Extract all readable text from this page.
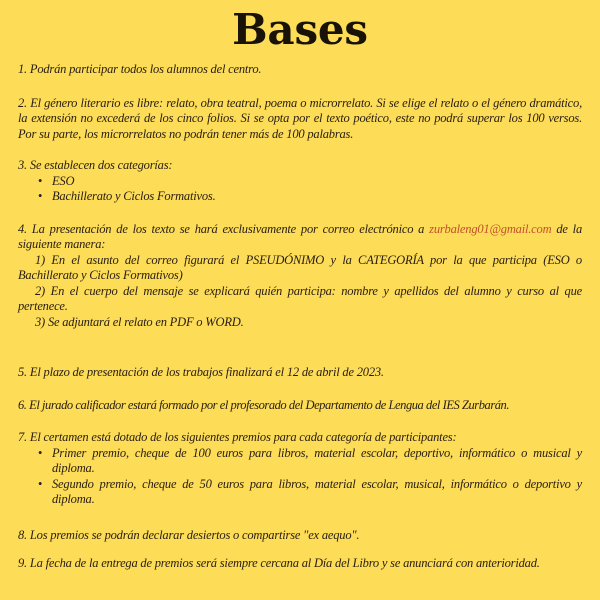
Bases

1. Podrán participar todos los alumnos del centro.

2. El género literario es libre: relato, obra teatral, poema o microrrelato. Si se elige el relato o el género dramático, la extensión no excederá de los cinco folios. Si se opta por el texto poético, este no podrá superar los 100 versos. Por su parte, los microrrelatos no podrán tener más de 100 palabras.

3. Se establecen dos categorías:

• ESO
• Bachillerato y Ciclos Formativos.

4. La presentación de los texto se hará exclusivamente por correo electrónico a zurbaleng01@gmail.com de la siguiente manera:

1) En el asunto del correo figurará el PSEUDÓNIMO y la CATEGORÍA por la que participa (ESO o Bachillerato y Ciclos Formativos)

2) En el cuerpo del mensaje se explicará quién participa: nombre y apellidos del alumno y curso al que pertenece.

3) Se adjuntará el relato en PDF o WORD.

5. El plazo de presentación de los trabajos finalizará el 12 de abril de 2023.

6. El jurado calificador estará formado por el profesorado del Departamento de Lengua del IES Zurbarán.

7. El certamen está dotado de los siguientes premios para cada categoría de participantes:

• Primer premio, cheque de 100 euros para libros, material escolar, deportivo, informático o musical y diploma.
• Segundo premio, cheque de 50 euros para libros, material escolar, musical, informático o deportivo y diploma.

8. Los premios se podrán declarar desiertos o compartirse "ex aequo".

9. La fecha de la entrega de premios será siempre cercana al Día del Libro y se anunciará con anterioridad.
